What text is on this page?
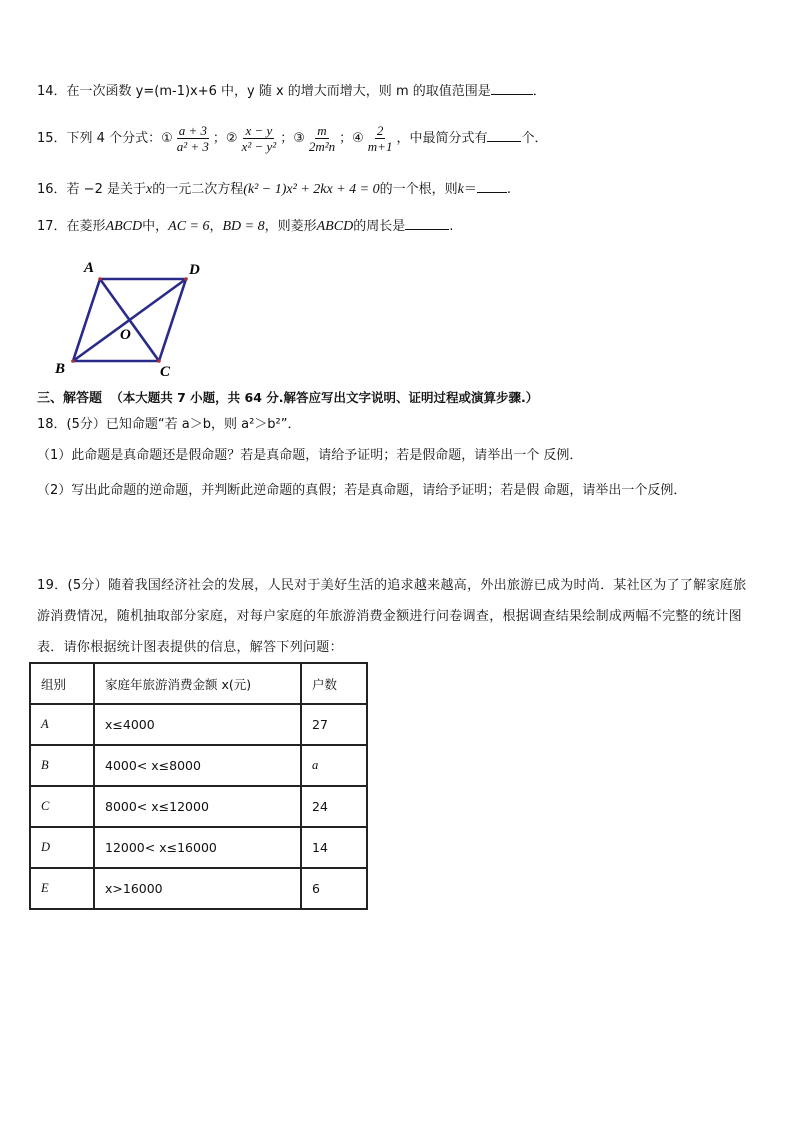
14．在一次函数 y=(m-1)x+6 中，y 随 x 的增大而增大，则 m 的取值范围是	．
15．下列 4 个分式：① $\frac{a + 3}{\text{a² + 3}}$ ；② $\frac{x - y}{\text{x² − y²}}$ ；③ $\frac{m}{\text{2m²n}}$ ；④ $\frac{2}{m+1}$ ，中最简分式有	个．
16．若 −2 是关于x的一元二次方程(k² − 1)x² + 2kx + 4 = 0的一个根，则k＝ .
17．在菱形ABCD中，AC = 6，BD = 8，则菱形ABCD的周长是	.
A	D
B	C
O
三、解答题 （本大题共 7 小题，共 64 分.解答应写出文字说明、证明过程或演算步骤.）
18．(5分）已知命题“若 a＞b，则 a²＞b²”．
（1）此命题是真命题还是假命题？若是真命题，请给予证明；若是假命题，请举出一个 反例．
（2）写出此命题的逆命题，并判断此逆命题的真假；若是真命题，请给予证明；若是假 命题，请举出一个反例．
19．(5分）随着我国经济社会的发展，人民对于美好生活的追求越来越高，外出旅游已成为时尚．某社区为了了解家庭旅游消费情况，随机抽取部分家庭，对每户家庭的年旅游消费金额进行问卷调查，根据调查结果绘制成两幅不完整的统计图表．请你根据统计图表提供的信息，解答下列问题：
组别	家庭年旅游消费金额 x(元)	户数
A	x≤4000	27
B	4000< x≤8000	a
C	8000< x≤12000	24
D	12000< x≤16000	14
E	x>16000	6
